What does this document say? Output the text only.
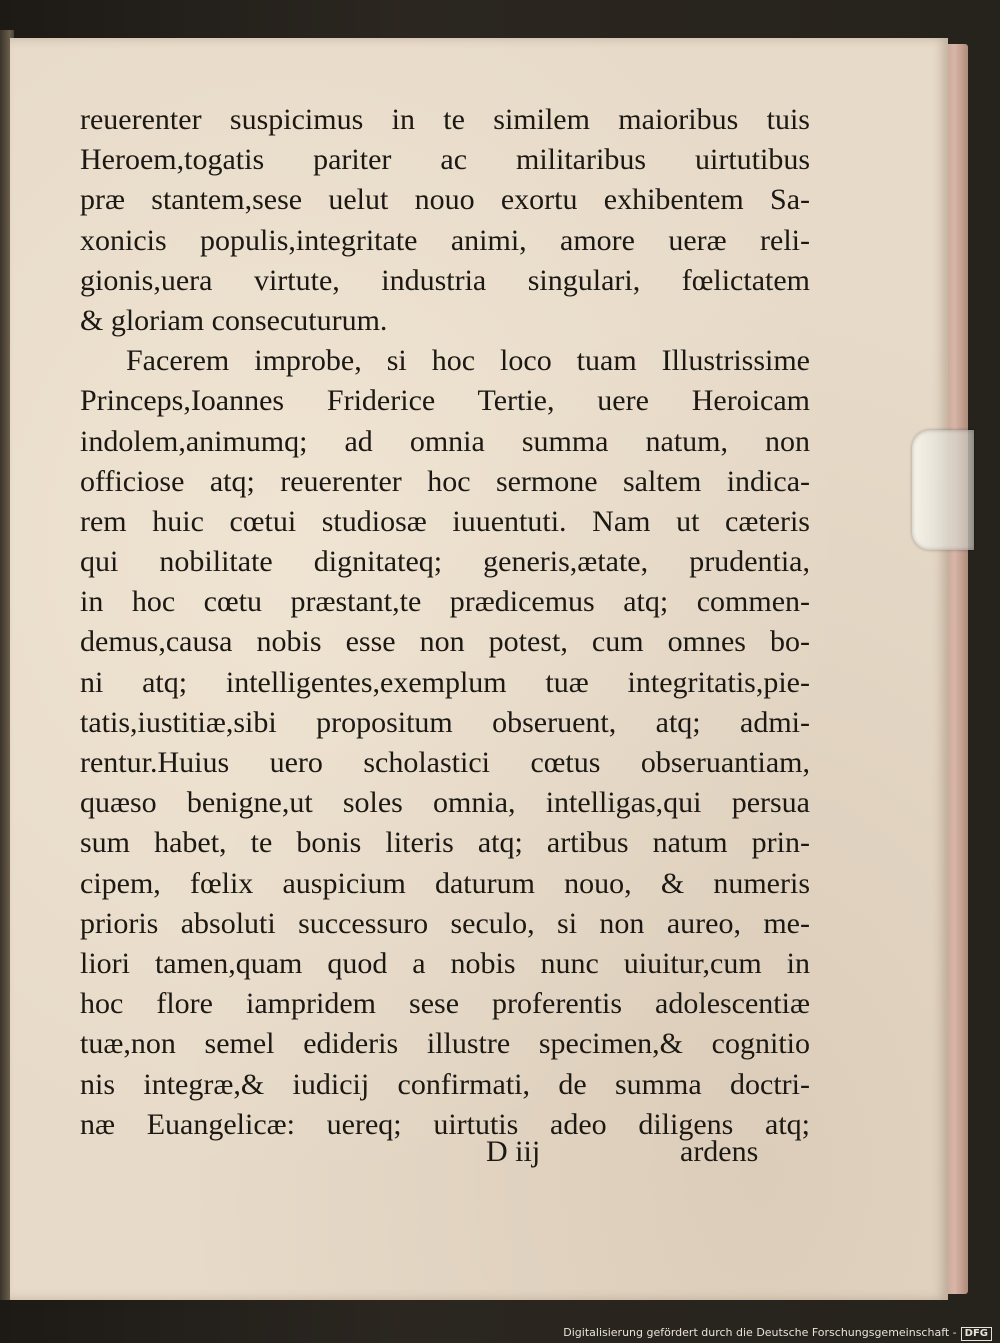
reuerenter suspicimus in te similem maioribus tuis
Heroem,togatis pariter ac militaribus uirtutibus
præ stantem,sese uelut nouo exortu exhibentem Sa-
xonicis populis,integritate animi, amore ueræ reli-
gionis,uera virtute, industria singulari, fœlictatem
& gloriam consecuturum.
Facerem improbe, si hoc loco tuam Illustrissime
Princeps,Ioannes Friderice Tertie, uere Heroicam
indolem,animumq; ad omnia summa natum, non
officiose atq; reuerenter hoc sermone saltem indica-
rem huic cœtui studiosæ iuuentuti. Nam ut cæteris
qui nobilitate dignitateq; generis,ætate, prudentia,
in hoc cœtu præstant,te prædicemus atq; commen-
demus,causa nobis esse non potest, cum omnes bo-
ni atq; intelligentes,exemplum tuæ integritatis,pie-
tatis,iustitiæ,sibi propositum obseruent, atq; admi-
rentur.Huius uero scholastici cœtus obseruantiam,
quæso benigne,ut soles omnia, intelligas,qui persua
sum habet, te bonis literis atq; artibus natum prin-
cipem, fœlix auspicium daturum nouo, & numeris
prioris absoluti successuro seculo, si non aureo, me-
liori tamen,quam quod a nobis nunc uiuitur,cum in
hoc flore iampridem sese proferentis adolescentiæ
tuæ,non semel edideris illustre specimen,& cognitio
nis integræ,& iudicij confirmati, de summa doctri-
næ Euangelicæ: uereq; uirtutis adeo diligens atq;
D iij	ardens
Digitalisierung gefördert durch die Deutsche Forschungsgemeinschaft - DFG
